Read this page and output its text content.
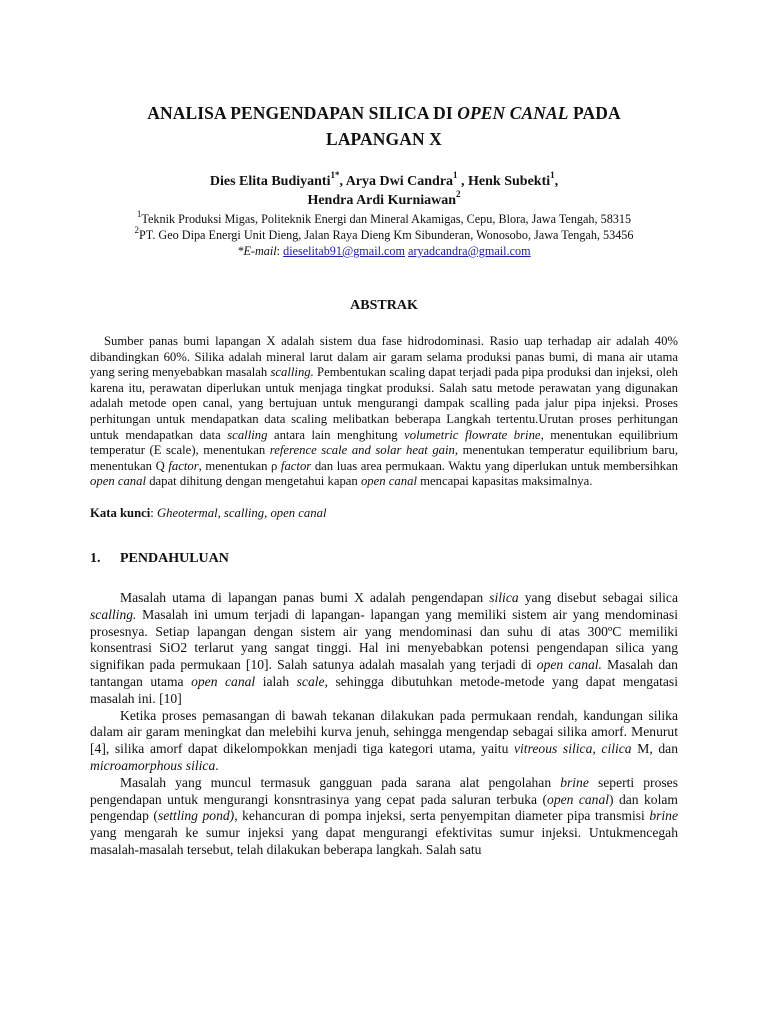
ANALISA PENGENDAPAN SILICA DI OPEN CANAL PADA
LAPANGAN X

Dies Elita Budiyanti$^{1*}$, Arya Dwi Candra$^1$ , Henk Subekti$^1$,
Hendra Ardi Kurniawan$^2$

$^1$Teknik Produksi Migas, Politeknik Energi dan Mineral Akamigas, Cepu, Blora, Jawa Tengah, 58315

$^2$PT. Geo Dipa Energi Unit Dieng, Jalan Raya Dieng Km Sibunderan, Wonosobo, Jawa Tengah, 53456

*E-mail: dieselitab91@gmail.com aryadcandra@gmail.com

ABSTRAK

Sumber panas bumi lapangan X adalah sistem dua fase hidrodominasi. Rasio uap terhadap air adalah 40% dibandingkan 60%. Silika adalah mineral larut dalam air garam selama produksi panas bumi, di mana air utama yang sering menyebabkan masalah scalling. Pembentukan scaling dapat terjadi pada pipa produksi dan injeksi, oleh karena itu, perawatan diperlukan untuk menjaga tingkat produksi. Salah satu metode perawatan yang digunakan adalah metode open canal, yang bertujuan untuk mengurangi dampak scalling pada jalur pipa injeksi. Proses perhitungan untuk mendapatkan data scaling melibatkan beberapa Langkah tertentu.Urutan proses perhitungan untuk mendapatkan data scalling antara lain menghitung volumetric flowrate brine, menentukan equilibrium temperatur (E scale), menentukan reference scale and solar heat gain, menentukan temperatur equilibrium baru, menentukan Q factor, menentukan ρ factor dan luas area permukaan. Waktu yang diperlukan untuk membersihkan open canal dapat dihitung dengan mengetahui kapan open canal mencapai kapasitas maksimalnya.

Kata kunci: Gheotermal, scalling, open canal

1. PENDAHULUAN

Masalah utama di lapangan panas bumi X adalah pengendapan silica yang disebut sebagai silica scalling. Masalah ini umum terjadi di lapangan- lapangan yang memiliki sistem air yang mendominasi prosesnya. Setiap lapangan dengan sistem air yang mendominasi dan suhu di atas 300ºC memiliki konsentrasi SiO2 terlarut yang sangat tinggi. Hal ini menyebabkan potensi pengendapan silica yang signifikan pada permukaan [10]. Salah satunya adalah masalah yang terjadi di open canal. Masalah dan tantangan utama open canal ialah scale, sehingga dibutuhkan metode-metode yang dapat mengatasi masalah ini. [10]

Ketika proses pemasangan di bawah tekanan dilakukan pada permukaan rendah, kandungan silika dalam air garam meningkat dan melebihi kurva jenuh, sehingga mengendap sebagai silika amorf. Menurut [4], silika amorf dapat dikelompokkan menjadi tiga kategori utama, yaitu vitreous silica, cilica M, dan microamorphous silica.

Masalah yang muncul termasuk gangguan pada sarana alat pengolahan brine seperti proses pengendapan untuk mengurangi konsntrasinya yang cepat pada saluran terbuka (open canal) dan kolam pengendap (settling pond), kehancuran di pompa injeksi, serta penyempitan diameter pipa transmisi brine yang mengarah ke sumur injeksi yang dapat mengurangi efektivitas sumur injeksi. Untukmencegah masalah-masalah tersebut, telah dilakukan beberapa langkah. Salah satu
